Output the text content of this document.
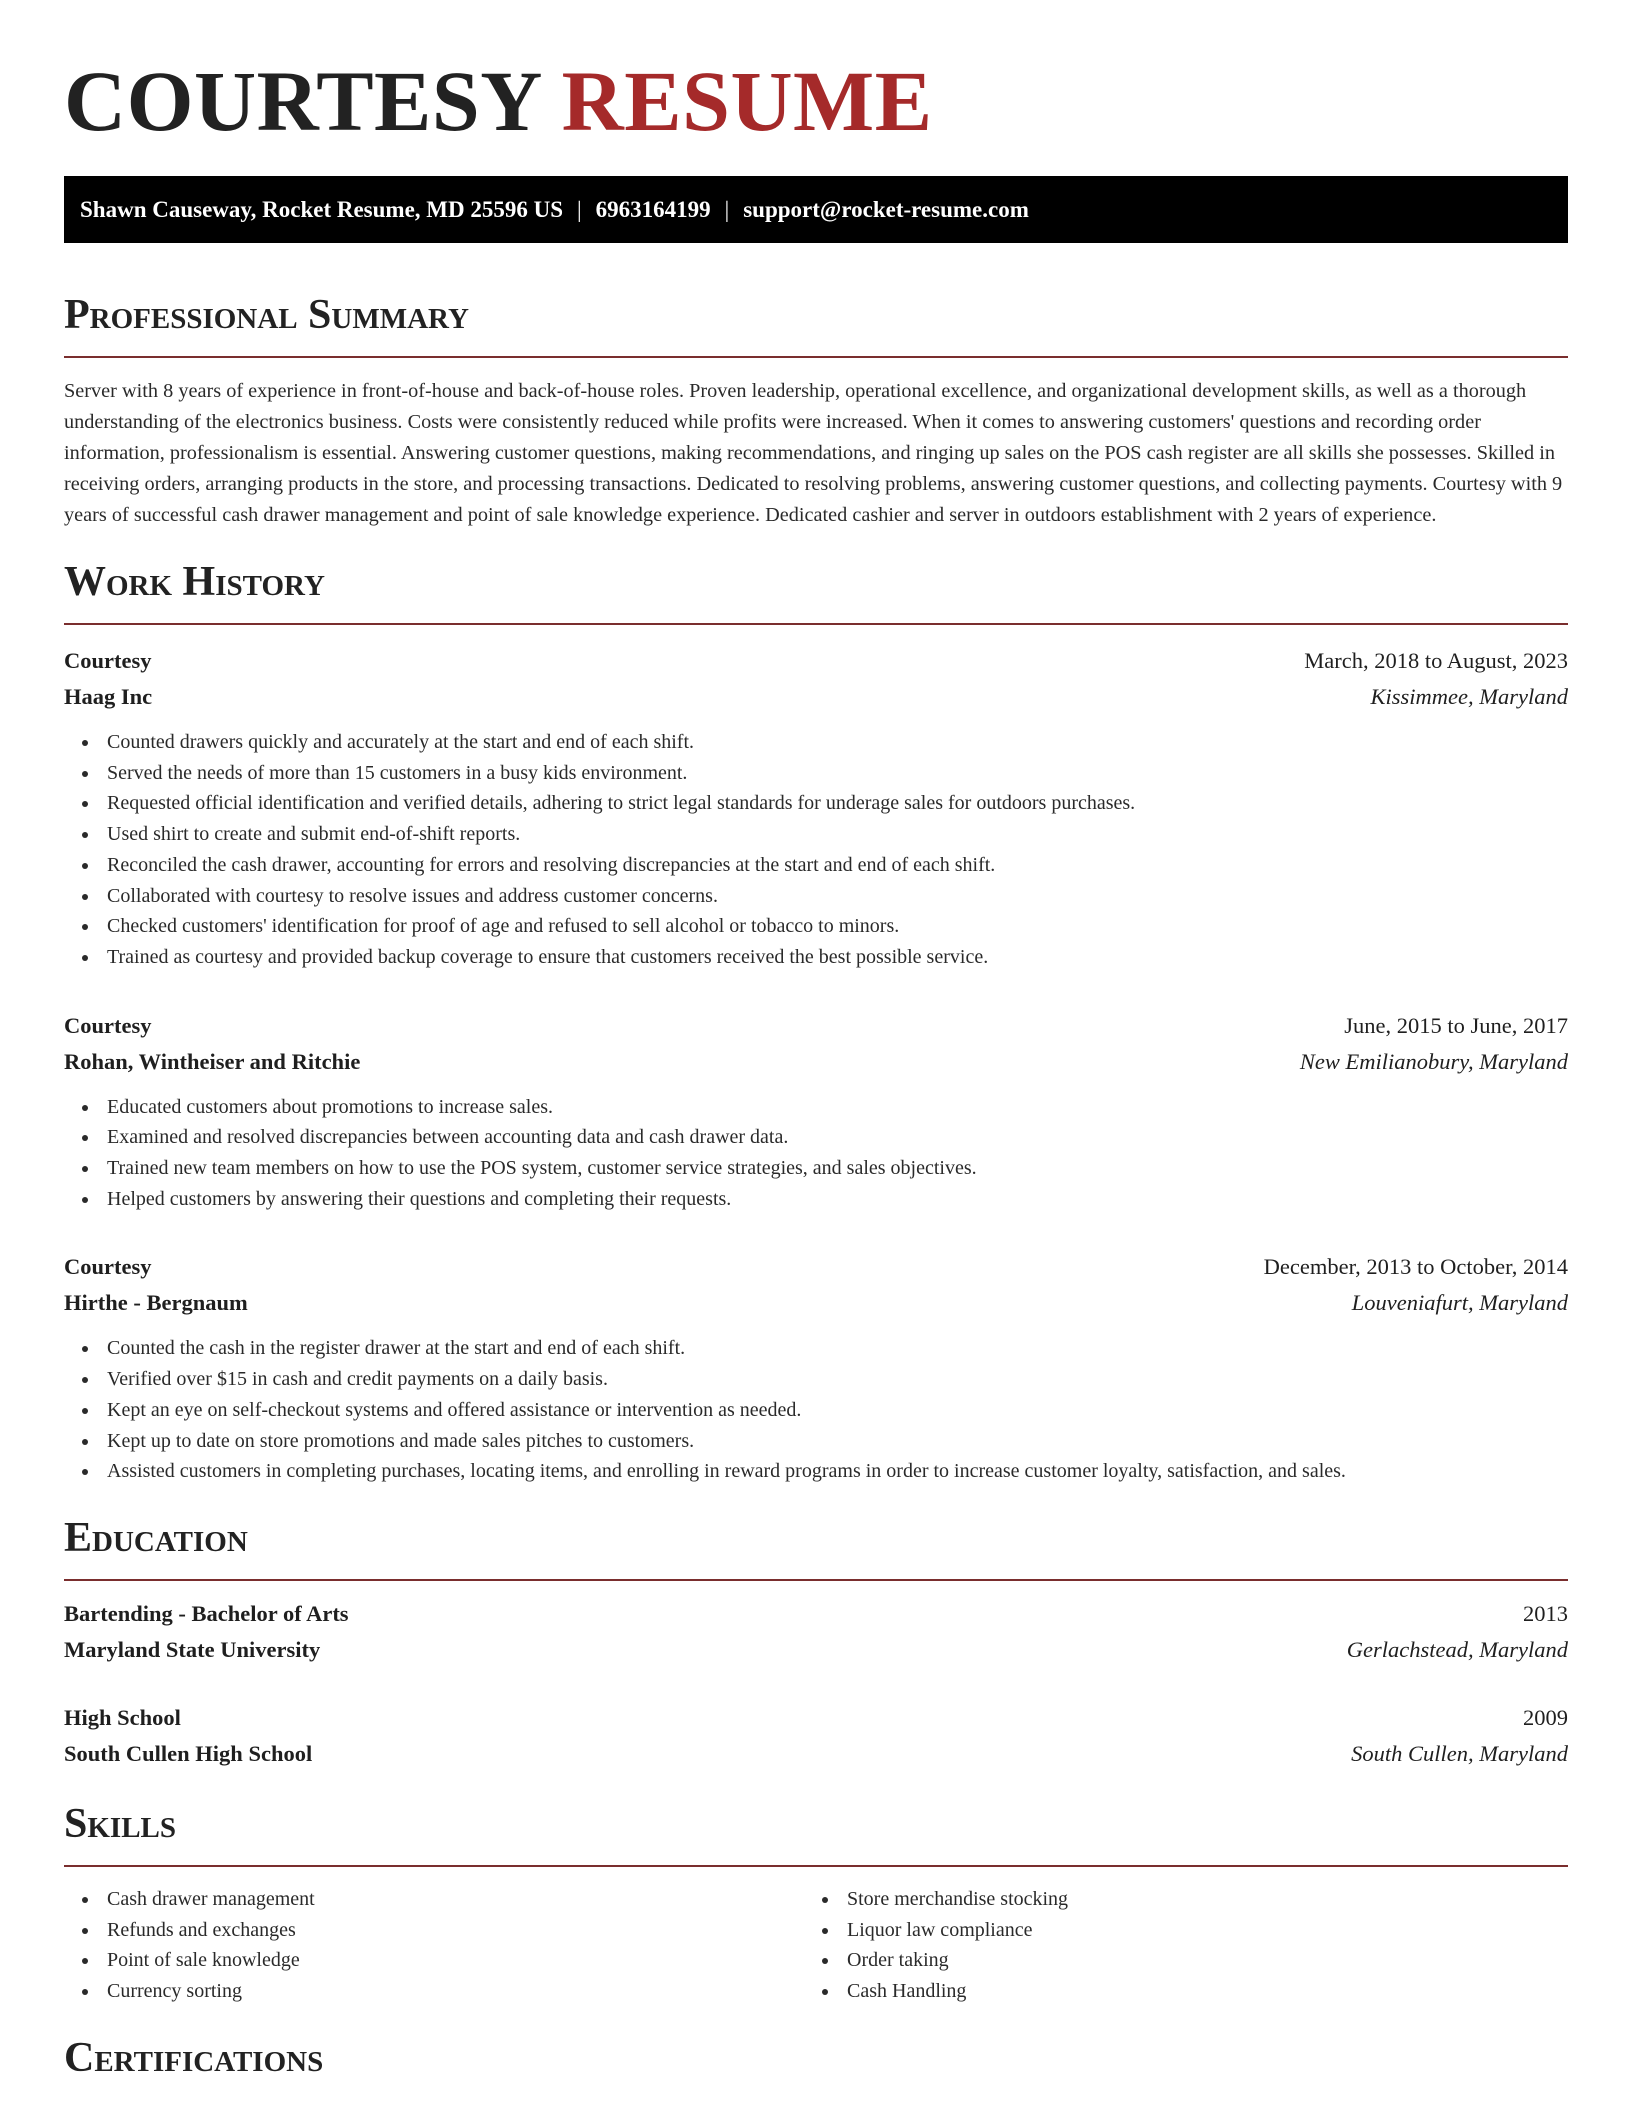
COURTESY RESUME
Shawn Causeway, Rocket Resume, MD 25596 US | 6963164199 | support@rocket-resume.com
Professional Summary

Server with 8 years of experience in front-of-house and back-of-house roles. Proven leadership, operational excellence, and organizational development skills, as well as a thorough understanding of the electronics business. Costs were consistently reduced while profits were increased. When it comes to answering customers' questions and recording order information, professionalism is essential. Answering customer questions, making recommendations, and ringing up sales on the POS cash register are all skills she possesses. Skilled in receiving orders, arranging products in the store, and processing transactions. Dedicated to resolving problems, answering customer questions, and collecting payments. Courtesy with 9 years of successful cash drawer management and point of sale knowledge experience. Dedicated cashier and server in outdoors establishment with 2 years of experience.

Work History
Courtesy	March, 2018 to August, 2023
Haag Inc	Kissimmee, Maryland
Counted drawers quickly and accurately at the start and end of each shift.
Served the needs of more than 15 customers in a busy kids environment.
Requested official identification and verified details, adhering to strict legal standards for underage sales for outdoors purchases.
Used shirt to create and submit end-of-shift reports.
Reconciled the cash drawer, accounting for errors and resolving discrepancies at the start and end of each shift.
Collaborated with courtesy to resolve issues and address customer concerns.
Checked customers' identification for proof of age and refused to sell alcohol or tobacco to minors.
Trained as courtesy and provided backup coverage to ensure that customers received the best possible service.
Courtesy	June, 2015 to June, 2017
Rohan, Wintheiser and Ritchie	New Emilianobury, Maryland
Educated customers about promotions to increase sales.
Examined and resolved discrepancies between accounting data and cash drawer data.
Trained new team members on how to use the POS system, customer service strategies, and sales objectives.
Helped customers by answering their questions and completing their requests.
Courtesy	December, 2013 to October, 2014
Hirthe - Bergnaum	Louveniafurt, Maryland
Counted the cash in the register drawer at the start and end of each shift.
Verified over $15 in cash and credit payments on a daily basis.
Kept an eye on self-checkout systems and offered assistance or intervention as needed.
Kept up to date on store promotions and made sales pitches to customers.
Assisted customers in completing purchases, locating items, and enrolling in reward programs in order to increase customer loyalty, satisfaction, and sales.
Education
Bartending - Bachelor of Arts	2013
Maryland State University	Gerlachstead, Maryland
High School	2009
South Cullen High School	South Cullen, Maryland
Skills
Cash drawer management
Refunds and exchanges
Point of sale knowledge
Currency sorting
Store merchandise stocking
Liquor law compliance
Order taking
Cash Handling
Certifications
